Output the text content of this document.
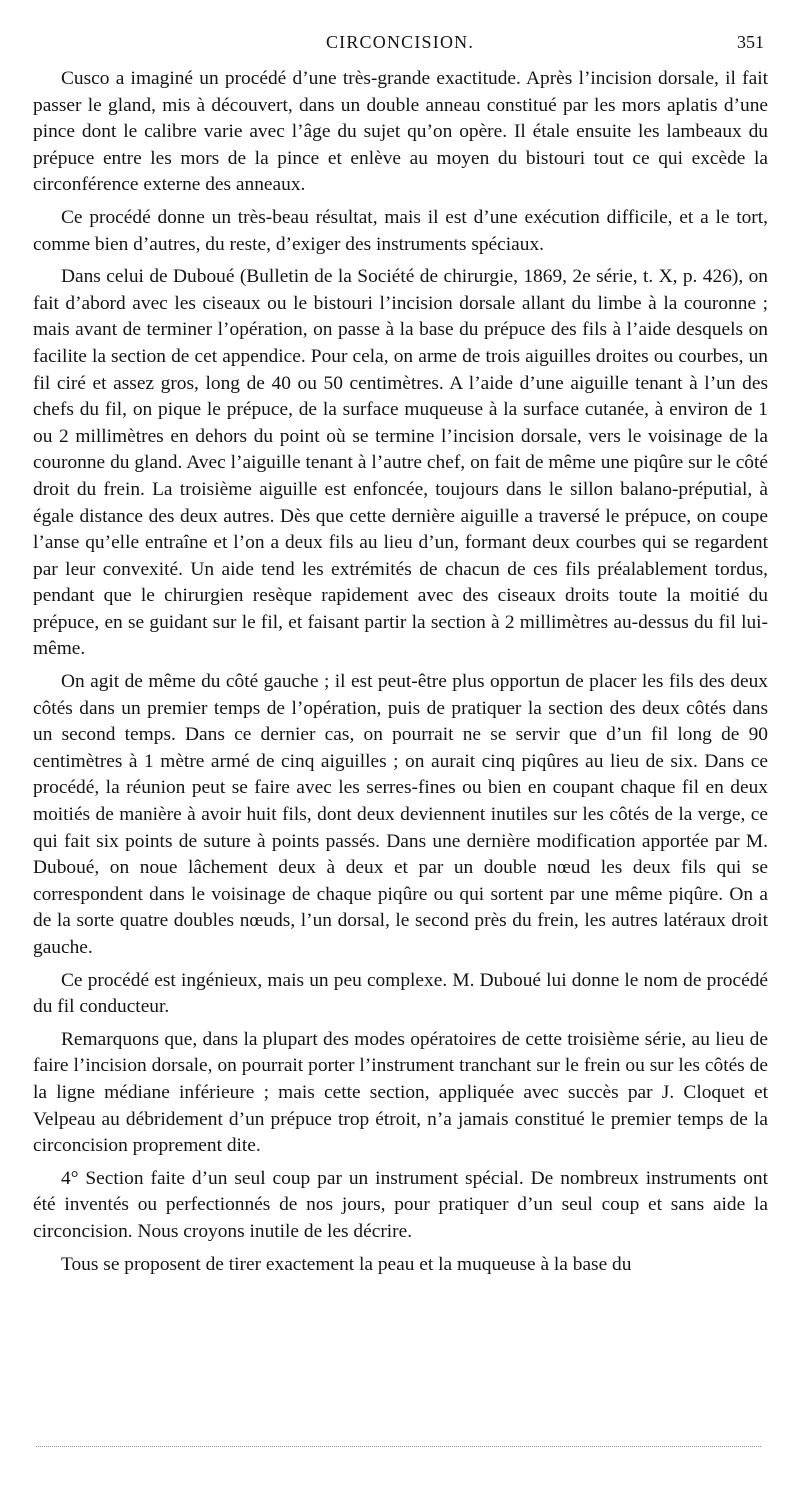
CIRCONCISION.	351

Cusco a imaginé un procédé d’une très-grande exactitude. Après l’incision dorsale, il fait passer le gland, mis à découvert, dans un double anneau constitué par les mors aplatis d’une pince dont le calibre varie avec l’âge du sujet qu’on opère. Il étale ensuite les lambeaux du prépuce entre les mors de la pince et enlève au moyen du bistouri tout ce qui excède la circonférence externe des anneaux.

Ce procédé donne un très-beau résultat, mais il est d’une exécution difficile, et a le tort, comme bien d’autres, du reste, d’exiger des instruments spéciaux.

Dans celui de Duboué (Bulletin de la Société de chirurgie, 1869, 2e série, t. X, p. 426), on fait d’abord avec les ciseaux ou le bistouri l’incision dorsale allant du limbe à la couronne ; mais avant de terminer l’opération, on passe à la base du prépuce des fils à l’aide desquels on facilite la section de cet appendice. Pour cela, on arme de trois aiguilles droites ou courbes, un fil ciré et assez gros, long de 40 ou 50 centimètres. A l’aide d’une aiguille tenant à l’un des chefs du fil, on pique le prépuce, de la surface muqueuse à la surface cutanée, à environ de 1 ou 2 millimètres en dehors du point où se termine l’incision dorsale, vers le voisinage de la couronne du gland. Avec l’aiguille tenant à l’autre chef, on fait de même une piqûre sur le côté droit du frein. La troisième aiguille est enfoncée, toujours dans le sillon balano-préputial, à égale distance des deux autres. Dès que cette dernière aiguille a traversé le prépuce, on coupe l’anse qu’elle entraîne et l’on a deux fils au lieu d’un, formant deux courbes qui se regardent par leur convexité. Un aide tend les extrémités de chacun de ces fils préalablement tordus, pendant que le chirurgien resèque rapidement avec des ciseaux droits toute la moitié du prépuce, en se guidant sur le fil, et faisant partir la section à 2 millimètres au-dessus du fil lui-même.

On agit de même du côté gauche ; il est peut-être plus opportun de placer les fils des deux côtés dans un premier temps de l’opération, puis de pratiquer la section des deux côtés dans un second temps. Dans ce dernier cas, on pourrait ne se servir que d’un fil long de 90 centimètres à 1 mètre armé de cinq aiguilles ; on aurait cinq piqûres au lieu de six. Dans ce procédé, la réunion peut se faire avec les serres-fines ou bien en coupant chaque fil en deux moitiés de manière à avoir huit fils, dont deux deviennent inutiles sur les côtés de la verge, ce qui fait six points de suture à points passés. Dans une dernière modification apportée par M. Duboué, on noue lâchement deux à deux et par un double nœud les deux fils qui se correspondent dans le voisinage de chaque piqûre ou qui sortent par une même piqûre. On a de la sorte quatre doubles nœuds, l’un dorsal, le second près du frein, les autres latéraux droit gauche.

Ce procédé est ingénieux, mais un peu complexe. M. Duboué lui donne le nom de procédé du fil conducteur.

Remarquons que, dans la plupart des modes opératoires de cette troisième série, au lieu de faire l’incision dorsale, on pourrait porter l’instrument tranchant sur le frein ou sur les côtés de la ligne médiane inférieure ; mais cette section, appliquée avec succès par J. Cloquet et Velpeau au débridement d’un prépuce trop étroit, n’a jamais constitué le premier temps de la circoncision proprement dite.

4° Section faite d’un seul coup par un instrument spécial. De nombreux instruments ont été inventés ou perfectionnés de nos jours, pour pratiquer d’un seul coup et sans aide la circoncision. Nous croyons inutile de les décrire.

Tous se proposent de tirer exactement la peau et la muqueuse à la base du
